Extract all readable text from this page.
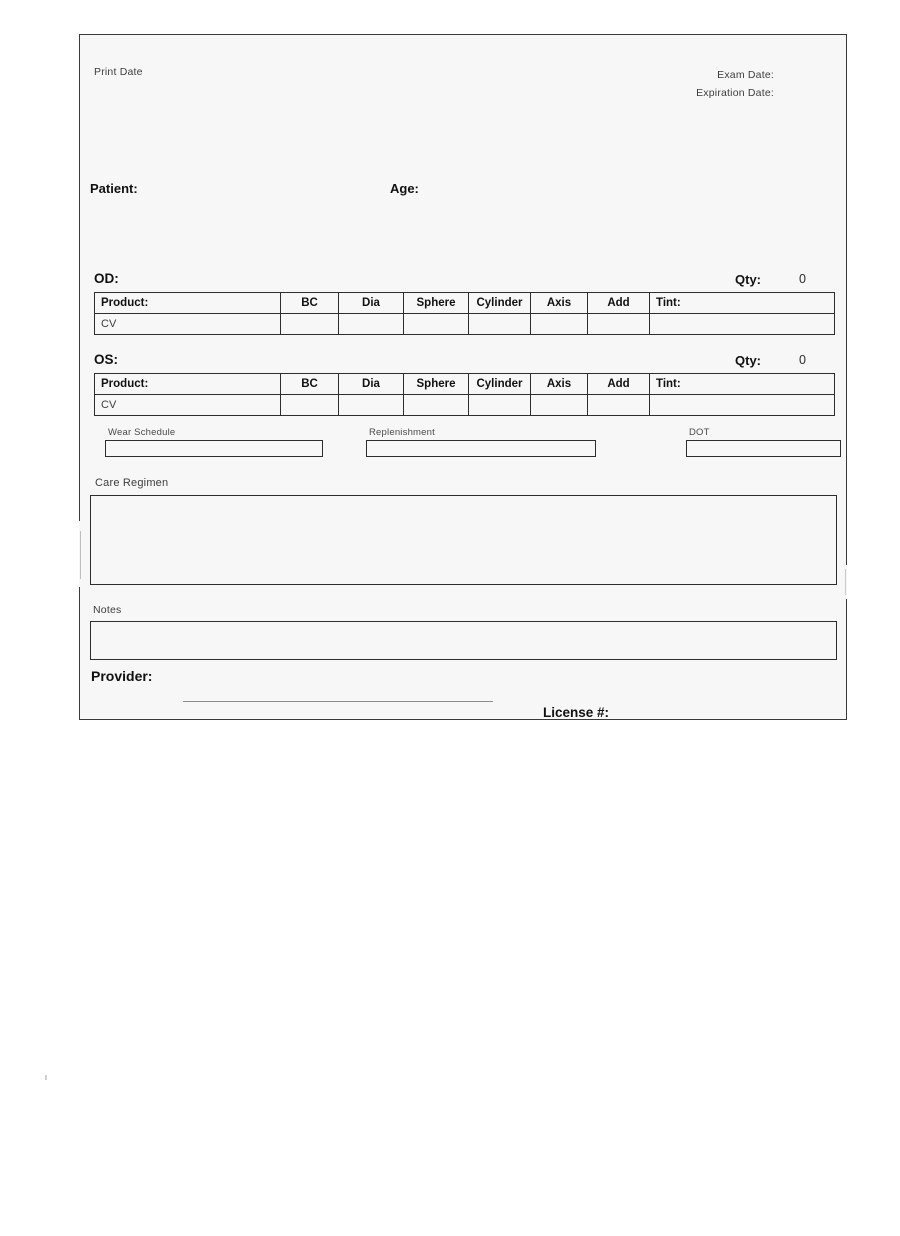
Print Date	Exam Date:
Expiration Date:
Patient:	Age:
OD:	Qty:	0
Product:	BC	Dia	Sphere	Cylinder	Axis	Add	Tint:
CV							
OS:	Qty:	0
Product:	BC	Dia	Sphere	Cylinder	Axis	Add	Tint:
CV							
Wear Schedule	Replenishment	DOT
Care Regimen
Notes
Provider:
License #:
